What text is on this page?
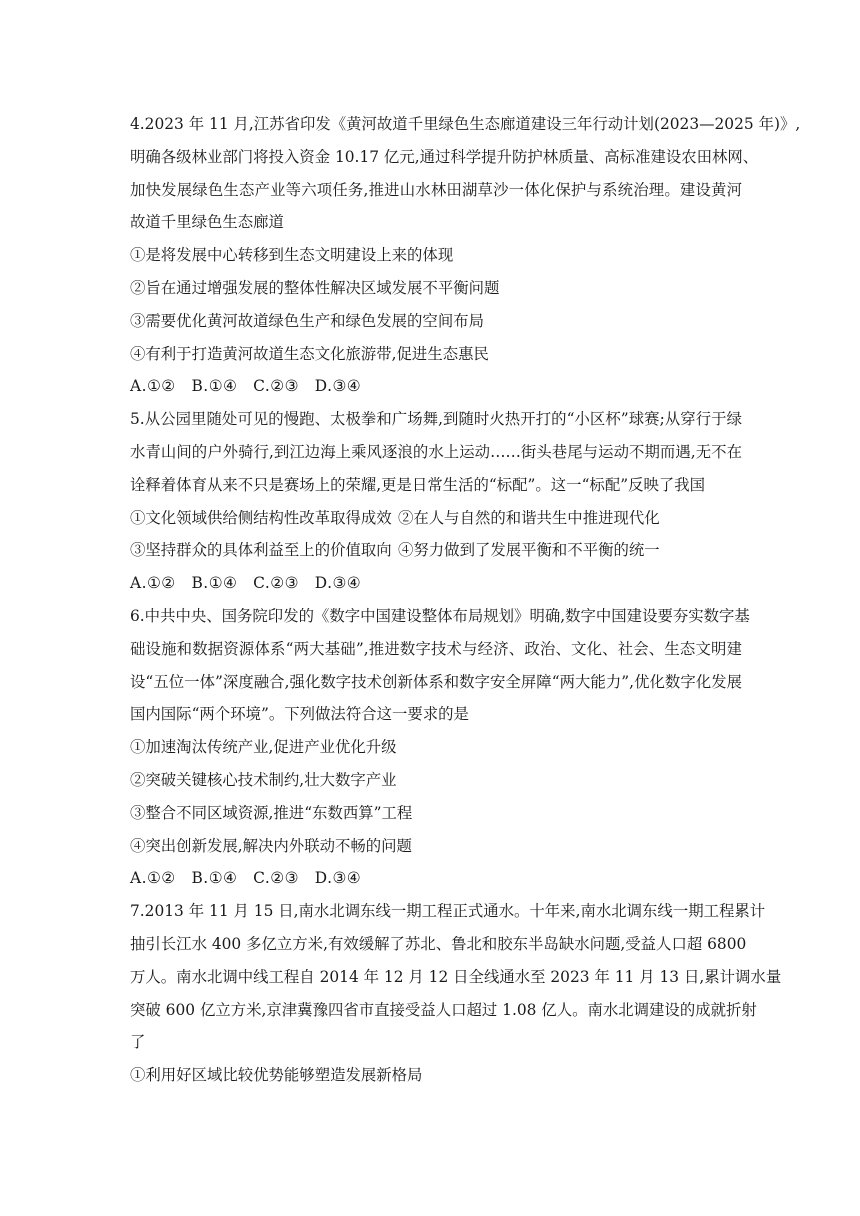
4.2023 年 11 月,江苏省印发《黄河故道千里绿色生态廊道建设三年行动计划(2023—2025 年)》,
明确各级林业部门将投入资金 10.17 亿元,通过科学提升防护林质量、高标准建设农田林网、
加快发展绿色生态产业等六项任务,推进山水林田湖草沙一体化保护与系统治理。建设黄河
故道千里绿色生态廊道
①是将发展中心转移到生态文明建设上来的体现
②旨在通过增强发展的整体性解决区域发展不平衡问题
③需要优化黄河故道绿色生产和绿色发展的空间布局
④有利于打造黄河故道生态文化旅游带,促进生态惠民
A.①②　B.①④　C.②③　D.③④
5.从公园里随处可见的慢跑、太极拳和广场舞,到随时火热开打的“小区杯”球赛;从穿行于绿
水青山间的户外骑行,到江边海上乘风逐浪的水上运动……街头巷尾与运动不期而遇,无不在
诠释着体育从来不只是赛场上的荣耀,更是日常生活的“标配”。这一“标配”反映了我国
①文化领域供给侧结构性改革取得成效 ②在人与自然的和谐共生中推进现代化
③坚持群众的具体利益至上的价值取向 ④努力做到了发展平衡和不平衡的统一
A.①②　B.①④　C.②③　D.③④
6.中共中央、国务院印发的《数字中国建设整体布局规划》明确,数字中国建设要夯实数字基
础设施和数据资源体系“两大基础”,推进数字技术与经济、政治、文化、社会、生态文明建
设“五位一体”深度融合,强化数字技术创新体系和数字安全屏障“两大能力”,优化数字化发展
国内国际“两个环境”。下列做法符合这一要求的是
①加速淘汰传统产业,促进产业优化升级
②突破关键核心技术制约,壮大数字产业
③整合不同区域资源,推进“东数西算”工程
④突出创新发展,解决内外联动不畅的问题
A.①②　B.①④　C.②③　D.③④
7.2013 年 11 月 15 日,南水北调东线一期工程正式通水。十年来,南水北调东线一期工程累计
抽引长江水 400 多亿立方米,有效缓解了苏北、鲁北和胶东半岛缺水问题,受益人口超 6800
万人。南水北调中线工程自 2014 年 12 月 12 日全线通水至 2023 年 11 月 13 日,累计调水量
突破 600 亿立方米,京津冀豫四省市直接受益人口超过 1.08 亿人。南水北调建设的成就折射
了
①利用好区域比较优势能够塑造发展新格局
